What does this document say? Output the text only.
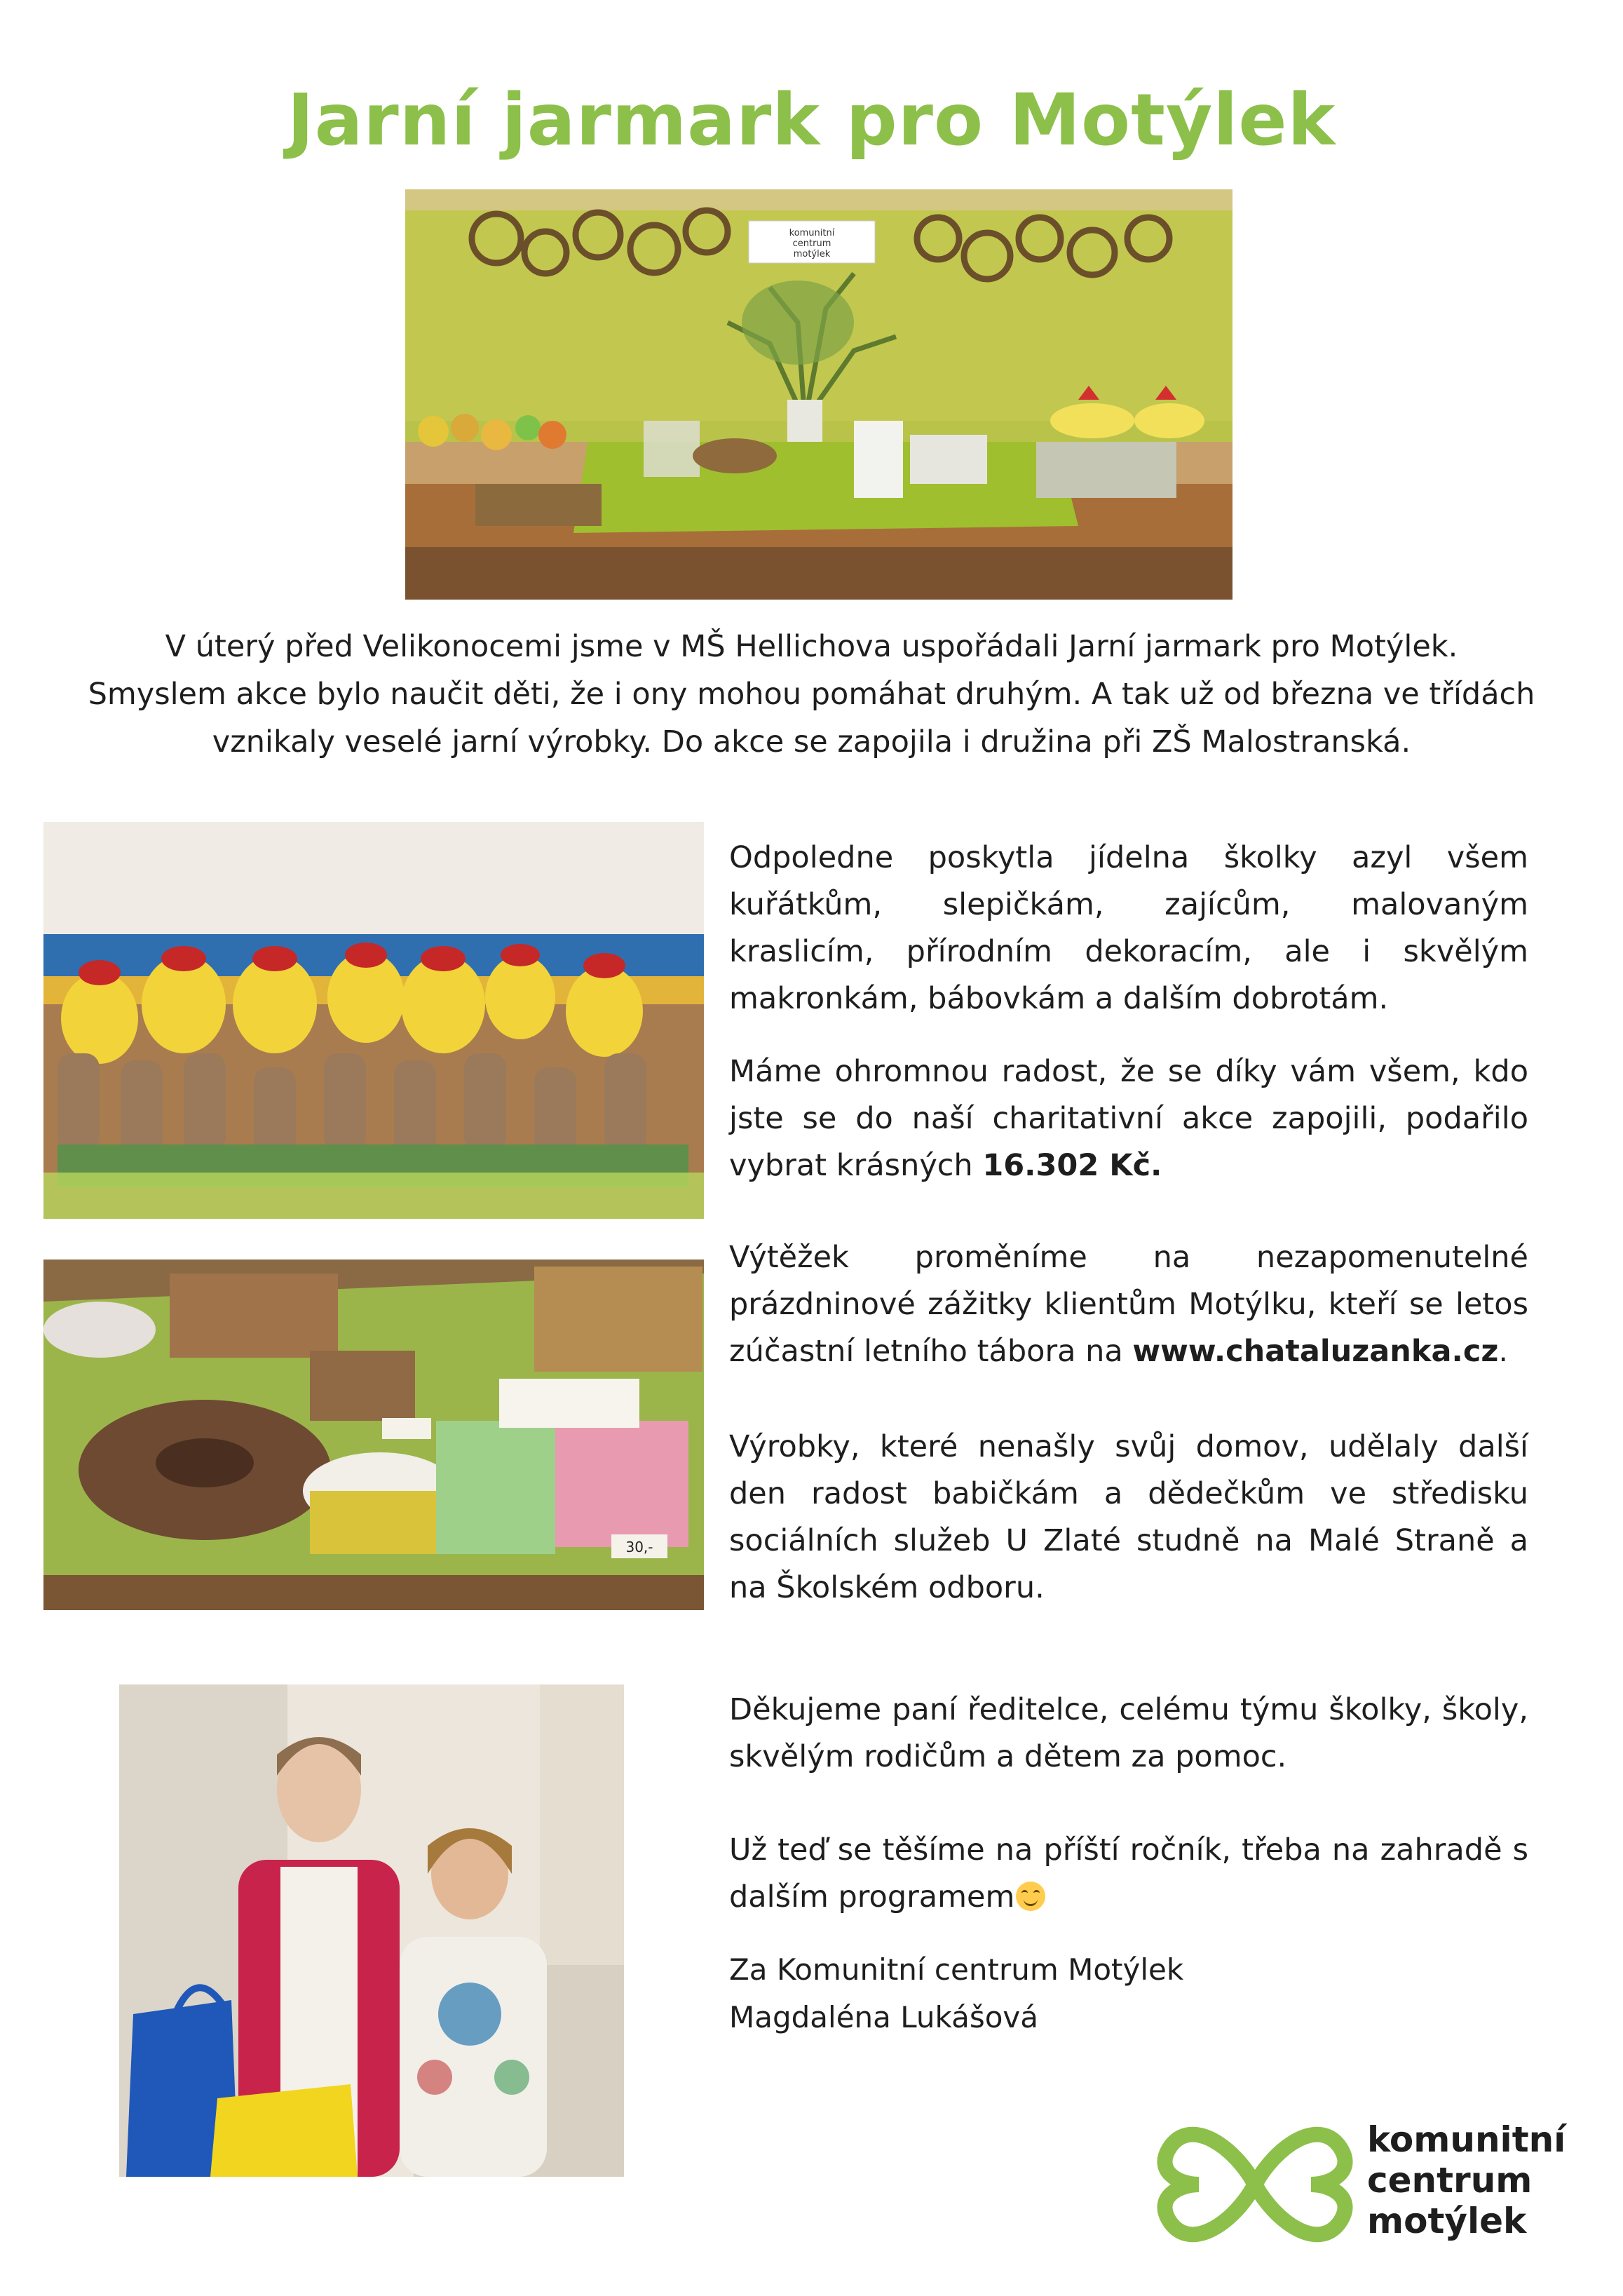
Jarní jarmark pro Motýlek
komunitní
centrum
motýlek
V úterý před Velikonocemi jsme v MŠ Hellichova uspořádali Jarní jarmark pro Motýlek.
Smyslem akce bylo naučit děti, že i ony mohou pomáhat druhým. A tak už od března ve třídách
vznikaly veselé jarní výrobky. Do akce se zapojila i družina při ZŠ Malostranská.

Odpoledne poskytla jídelna školky azyl všem kuřátkům, slepičkám, zajícům, malovaným kraslicím, přírodním dekoracím, ale i skvělým makronkám, bábovkám a dalším dobrotám.

Máme ohromnou radost, že se díky vám všem, kdo jste se do naší charitativní akce zapojili, podařilo vybrat krásných 16.302 Kč.

30,-

Výtěžek proměníme na nezapomenutelné prázdninové zážitky klientům Motýlku, kteří se letos zúčastní letního tábora na www.chataluzanka.cz.

Výrobky, které nenašly svůj domov, udělaly další den radost babičkám a dědečkům ve středisku sociálních služeb U Zlaté studně na Malé Straně a na Školském odboru.

Děkujeme paní ředitelce, celému týmu školky, školy, skvělým rodičům a dětem za pomoc.

Už teď se těšíme na příští ročník, třeba na zahradě s dalším programem

Za Komunitní centrum Motýlek
Magdaléna Lukášová
komunitní
centrum
motýlek
